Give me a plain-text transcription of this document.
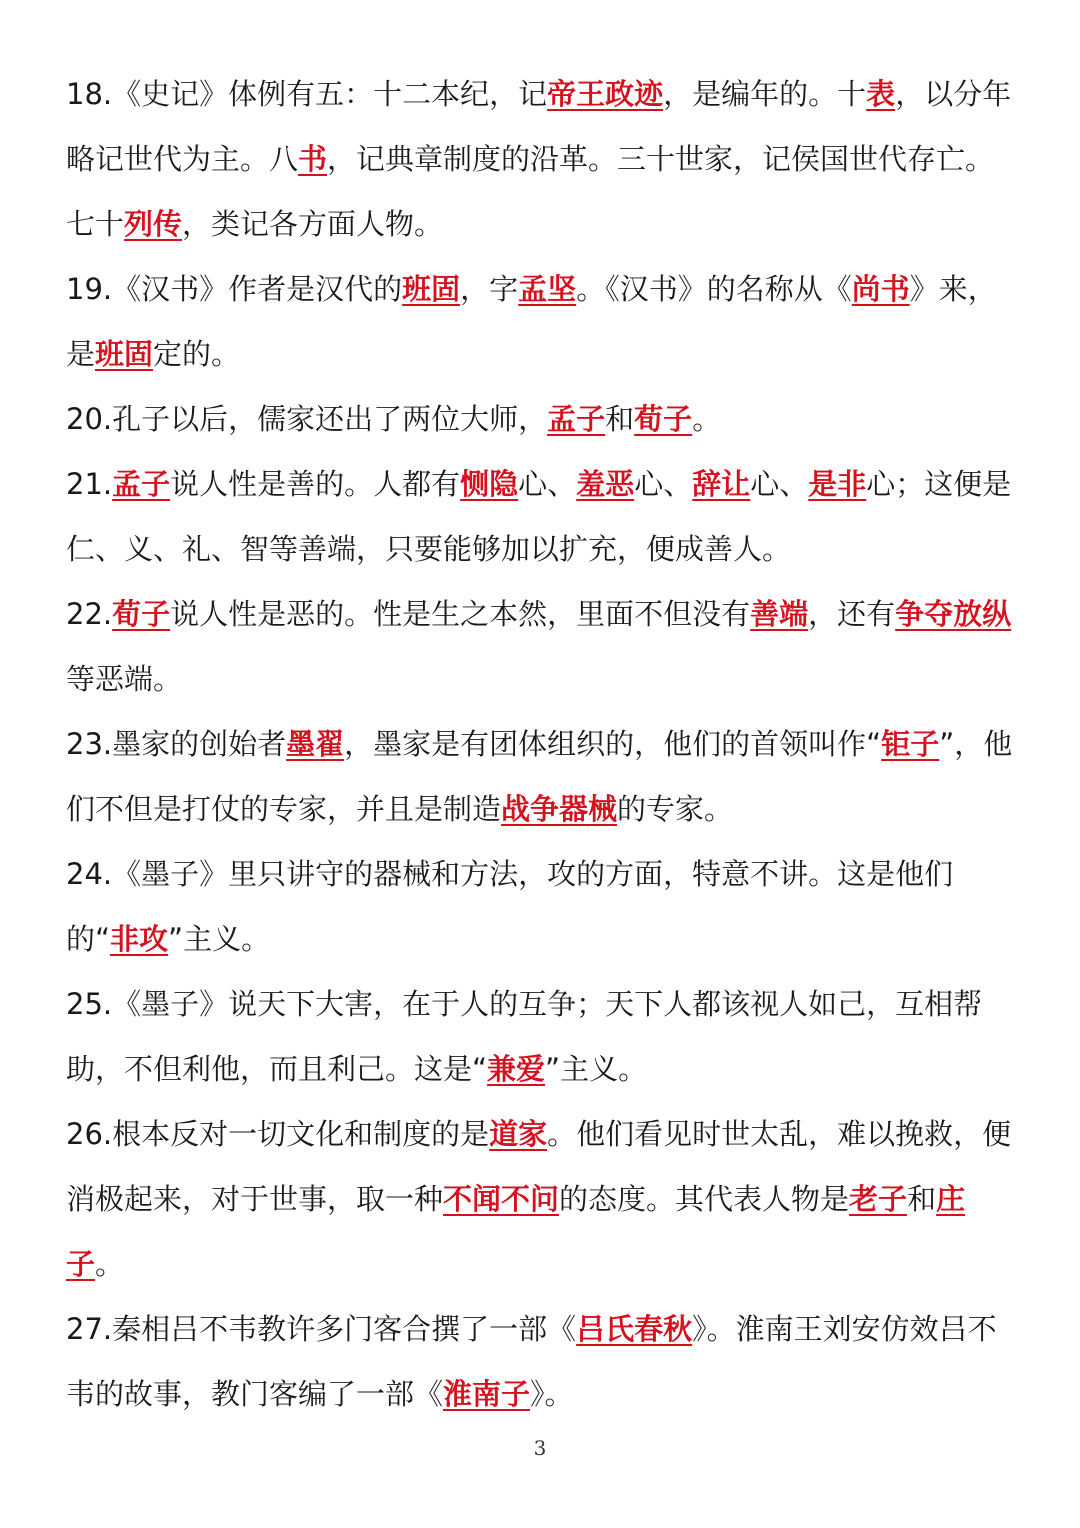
18.《史记》体例有五：十二本纪，记帝王政迹，是编年的。十表，以分年略记世代为主。八书，记典章制度的沿革。三十世家，记侯国世代存亡。七十列传，类记各方面人物。

19.《汉书》作者是汉代的班固，字孟坚。《汉书》的名称从《尚书》来，是班固定的。

20.孔子以后，儒家还出了两位大师，孟子和荀子。

21.孟子说人性是善的。人都有恻隐心、羞恶心、辞让心、是非心；这便是仁、义、礼、智等善端，只要能够加以扩充，便成善人。

22.荀子说人性是恶的。性是生之本然，里面不但没有善端，还有争夺放纵等恶端。

23.墨家的创始者墨翟，墨家是有团体组织的，他们的首领叫作“钜子”，他们不但是打仗的专家，并且是制造战争器械的专家。

24.《墨子》里只讲守的器械和方法，攻的方面，特意不讲。这是他们的“非攻”主义。

25.《墨子》说天下大害，在于人的互争；天下人都该视人如己，互相帮助，不但利他，而且利己。这是“兼爱”主义。

26.根本反对一切文化和制度的是道家。他们看见时世太乱，难以挽救，便消极起来，对于世事，取一种不闻不问的态度。其代表人物是老子和庄子。

27.秦相吕不韦教许多门客合撰了一部《吕氏春秋》。淮南王刘安仿效吕不韦的故事，教门客编了一部《淮南子》。

3
